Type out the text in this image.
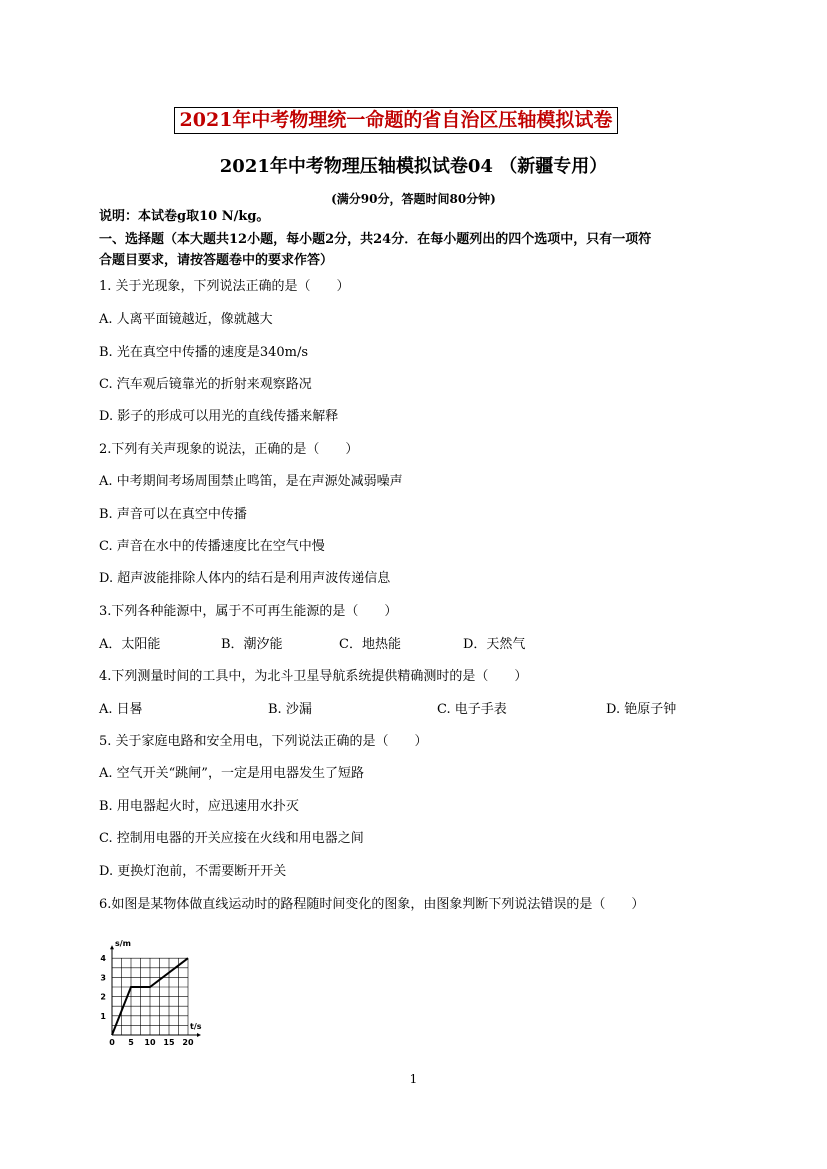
2021年中考物理统一命题的省自治区压轴模拟试卷
2021年中考物理压轴模拟试卷04 （新疆专用）
(满分90分，答题时间80分钟)
说明：本试卷g取10 N/kg。
一、选择题（本大题共12小题，每小题2分，共24分．在每小题列出的四个选项中，只有一项符
合题目要求，请按答题卷中的要求作答）
1. 关于光现象，下列说法正确的是（　　）
A. 人离平面镜越近，像就越大
B. 光在真空中传播的速度是340m/s
C. 汽车观后镜靠光的折射来观察路况
D. 影子的形成可以用光的直线传播来解释
2.下列有关声现象的说法，正确的是（　　）
A. 中考期间考场周围禁止鸣笛，是在声源处减弱噪声
B. 声音可以在真空中传播
C. 声音在水中的传播速度比在空气中慢
D. 超声波能排除人体内的结石是利用声波传递信息
3.下列各种能源中，属于不可再生能源的是（　　）
A．太阳能	B．潮汐能	C．地热能	D．天然气
4.下列测量时间的工具中，为北斗卫星导航系统提供精确测时的是（　　）
A. 日晷	B. 沙漏	C. 电子手表	D. 铯原子钟
5. 关于家庭电路和安全用电，下列说法正确的是（　　）
A. 空气开关“跳闸”，一定是用电器发生了短路
B. 用电器起火时，应迅速用水扑灭
C. 控制用电器的开关应接在火线和用电器之间
D. 更换灯泡前，不需要断开开关
6.如图是某物体做直线运动时的路程随时间变化的图象，由图象判断下列说法错误的是（　　）
0 5 10 15 20
1
2
3
4
s/m
t/s
1
